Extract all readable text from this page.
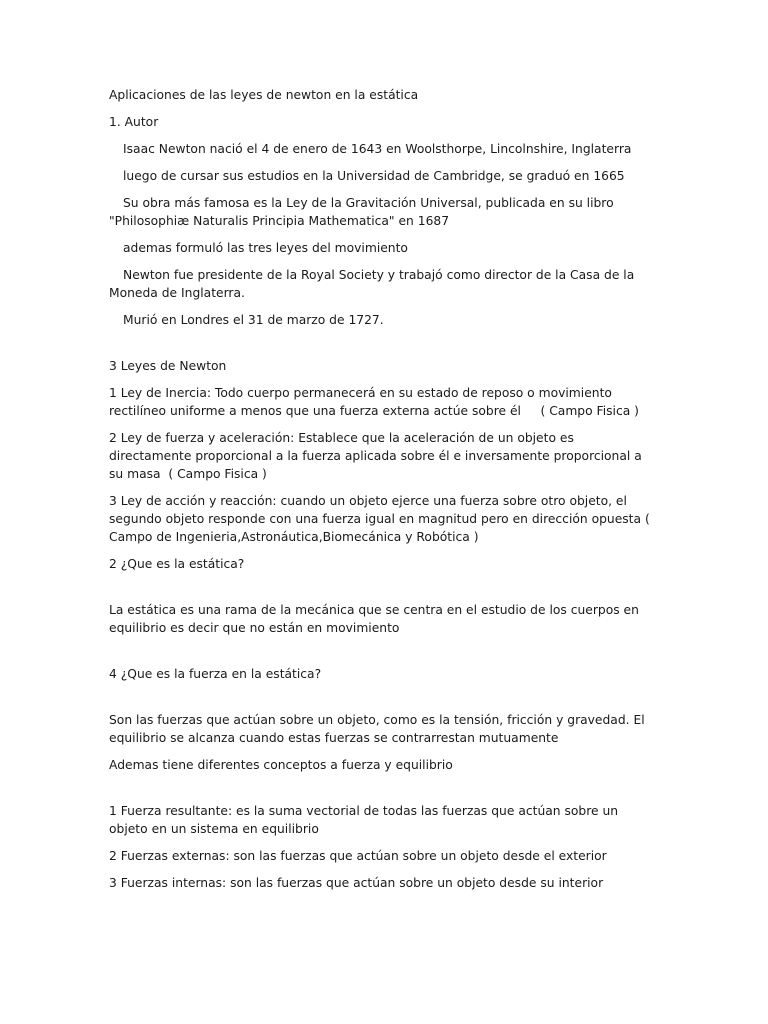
Aplicaciones de las leyes de newton en la estática

1. Autor

Isaac Newton nació el 4 de enero de 1643 en Woolsthorpe, Lincolnshire, Inglaterra

luego de cursar sus estudios en la Universidad de Cambridge, se graduó en 1665

Su obra más famosa es la Ley de la Gravitación Universal, publicada en su libro "Philosophiæ Naturalis Principia Mathematica" en 1687

ademas formuló las tres leyes del movimiento

Newton fue presidente de la Royal Society y trabajó como director de la Casa de la Moneda de Inglaterra.

Murió en Londres el 31 de marzo de 1727.

3 Leyes de Newton

1 Ley de Inercia: Todo cuerpo permanecerá en su estado de reposo o movimiento rectilíneo uniforme a menos que una fuerza externa actúe sobre él     ( Campo Fisica )

2 Ley de fuerza y aceleración: Establece que la aceleración de un objeto es directamente proporcional a la fuerza aplicada sobre él e inversamente proporcional a su masa  ( Campo Fisica )

3 Ley de acción y reacción: cuando un objeto ejerce una fuerza sobre otro objeto, el segundo objeto responde con una fuerza igual en magnitud pero en dirección opuesta ( Campo de Ingenieria,Astronáutica,Biomecánica y Robótica )

2 ¿Que es la estática?

La estática es una rama de la mecánica que se centra en el estudio de los cuerpos en equilibrio es decir que no están en movimiento

4 ¿Que es la fuerza en la estática?

Son las fuerzas que actúan sobre un objeto, como es la tensión, fricción y gravedad. El equilibrio se alcanza cuando estas fuerzas se contrarrestan mutuamente

Ademas tiene diferentes conceptos a fuerza y equilibrio

1 Fuerza resultante: es la suma vectorial de todas las fuerzas que actúan sobre un objeto en un sistema en equilibrio

2 Fuerzas externas: son las fuerzas que actúan sobre un objeto desde el exterior

3 Fuerzas internas: son las fuerzas que actúan sobre un objeto desde su interior
